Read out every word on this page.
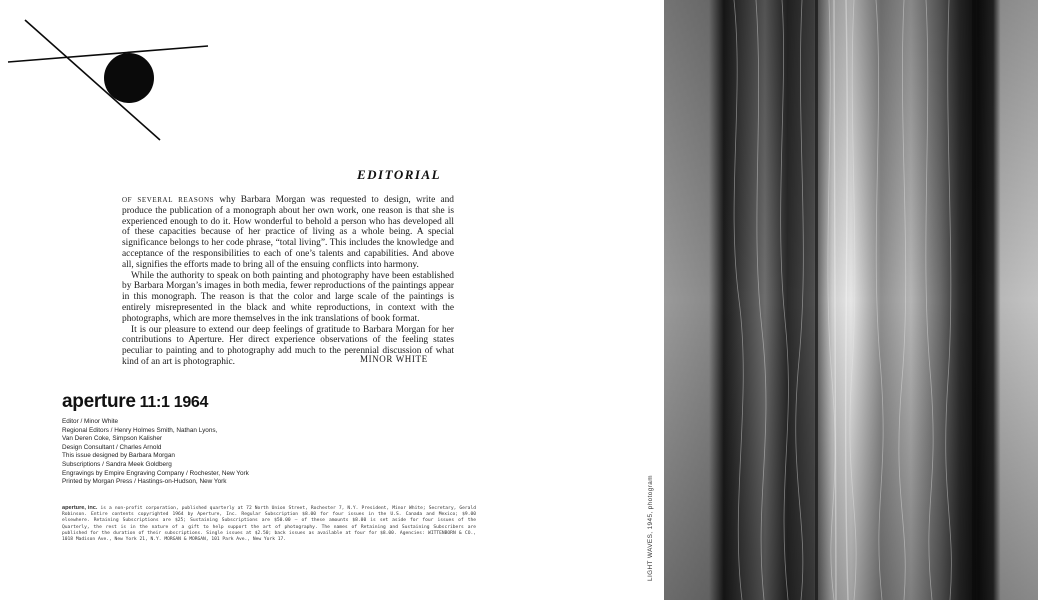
EDITORIAL

OF SEVERAL REASONS why Barbara Morgan was requested to design, write and produce the publication of a monograph about her own work, one reason is that she is experienced enough to do it. How wonderful to behold a person who has developed all of these capacities because of her practice of living as a whole being. A special significance belongs to her code phrase, “total living”. This includes the knowledge and acceptance of the responsibilities to each of one’s talents and capabilities. And above all, signifies the efforts made to bring all of the ensuing conflicts into harmony.

While the authority to speak on both painting and photography have been established by Barbara Morgan’s images in both media, fewer reproductions of the paintings appear in this monograph. The reason is that the color and large scale of the paintings is entirely misrepresented in the black and white reproductions, in context with the photographs, which are more themselves in the ink translations of book format.

It is our pleasure to extend our deep feelings of gratitude to Barbara Morgan for her contributions to Aperture. Her direct experience observations of the feeling states peculiar to painting and to photography add much to the perennial discussion of what kind of an art is photographic.	MINOR WHITE
aperture 11:1 1964
Editor / Minor White
Regional Editors / Henry Holmes Smith, Nathan Lyons,
Van Deren Coke, Simpson Kalisher
Design Consultant / Charles Arnold
This issue designed by Barbara Morgan
Subscriptions / Sandra Meek Goldberg
Engravings by Empire Engraving Company / Rochester, New York
Printed by Morgan Press / Hastings-on-Hudson, New York
aperture, inc. is a non-profit corporation, published quarterly at 72 North Union Street, Rochester 7, N.Y. President, Minor White; Secretary, Gerald Robinson. Entire contents copyrighted 1964 by Aperture, Inc. Regular Subscription $8.00 for four issues in the U.S. Canada and Mexico; $9.00 elsewhere. Retaining Subscriptions are $25; Sustaining Subscriptions are $50.00 — of these amounts $8.00 is set aside for four issues of the Quarterly, the rest is in the nature of a gift to help support the art of photography. The names of Retaining and Sustaining Subscribers are published for the duration of their subscriptions. Single issues at $2.50; back issues as available at four for $8.00. Agencies: WITTENBORN & CO., 1018 Madison Ave., New York 21, N.Y. MORGAN & MORGAN, 101 Park Ave., New York 17.	LIGHT WAVES, 1945, photogram
